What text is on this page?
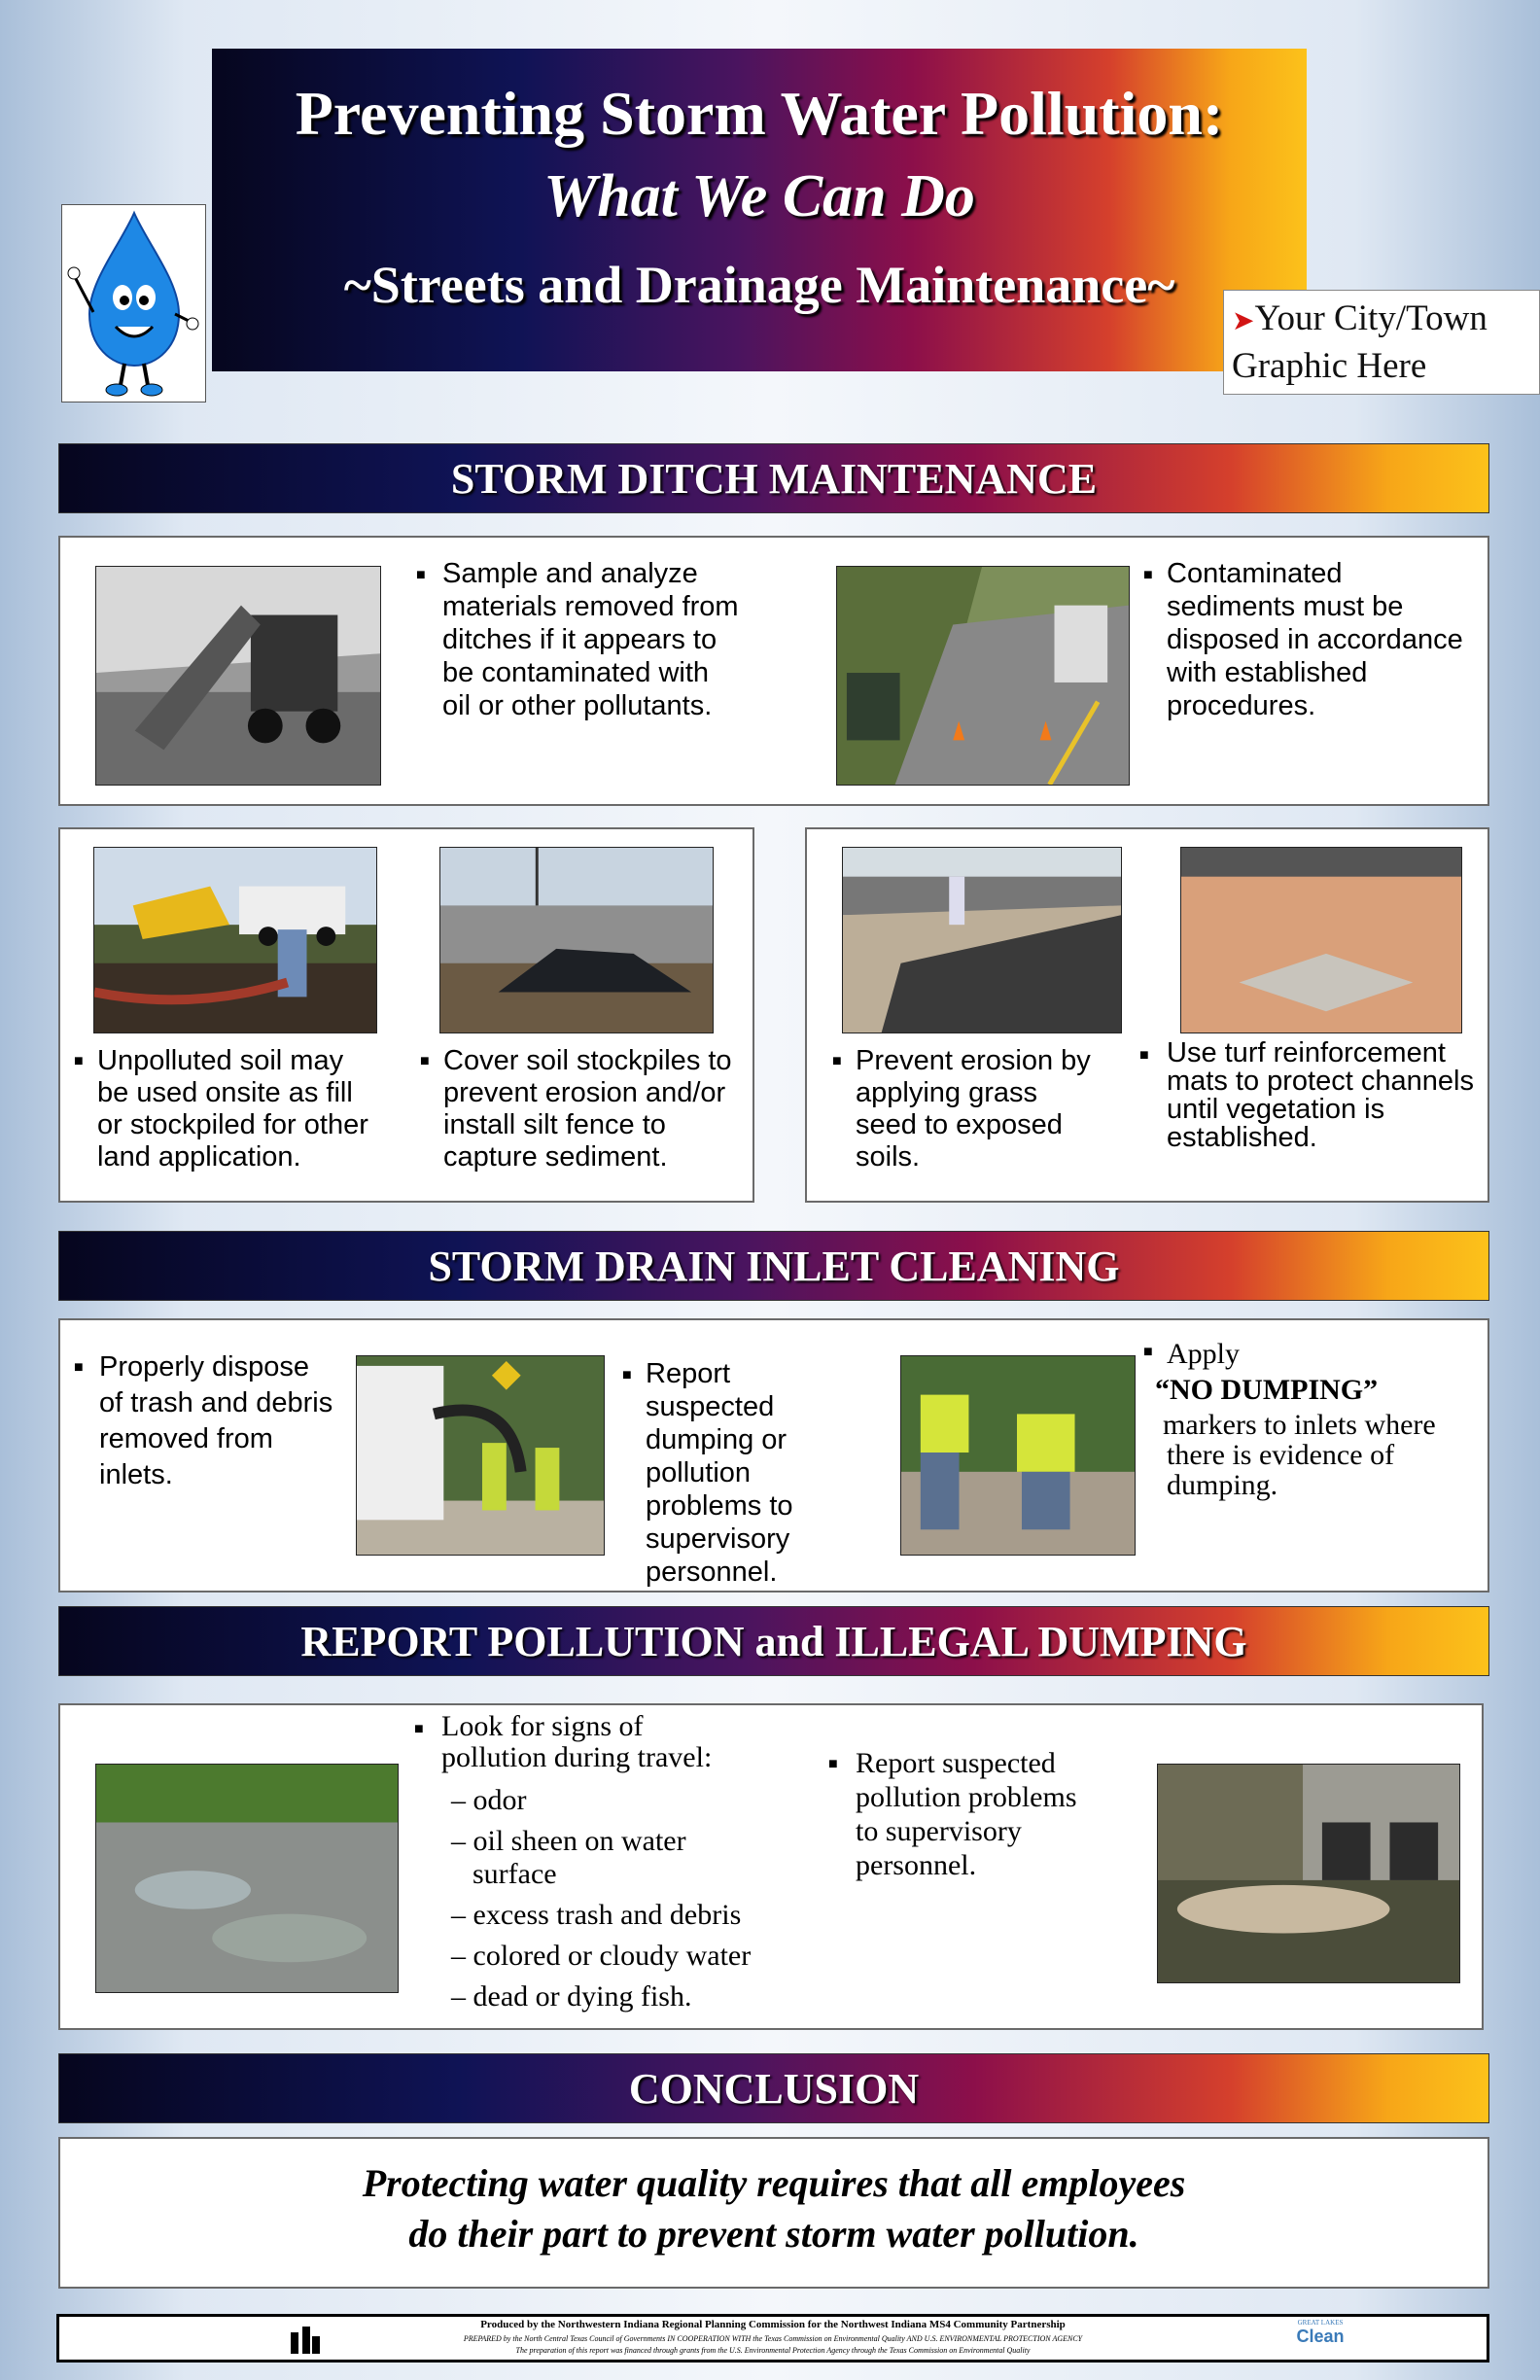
Preventing Storm Water Pollution:
What We Can Do
~Streets and Drainage Maintenance~
➤Your City/Town
Graphic Here
STORM DITCH MAINTENANCE
■ Sample and analyze
materials removed from
ditches if it appears to
be contaminated with
oil or other pollutants.
■ Contaminated
sediments must be
disposed in accordance
with established
procedures.
■ Unpolluted soil may
be used onsite as fill
or stockpiled for other
land application.
■ Cover soil stockpiles to
prevent erosion and/or
install silt fence to
capture sediment.
■ Prevent erosion by
applying grass
seed to exposed
soils.
■ Use turf reinforcement
mats to protect channels
until vegetation is
established.
STORM DRAIN INLET CLEANING
■ Properly dispose
of trash and debris
removed from
inlets.
■ Report
suspected
dumping or
pollution
problems to
supervisory
personnel.
■ Apply
“NO DUMPING”
markers to inlets where
there is evidence of
dumping.
REPORT POLLUTION and ILLEGAL DUMPING
■ Look for signs of
pollution during travel:
– odor
– oil sheen on water
surface
– excess trash and debris
– colored or cloudy water
– dead or dying fish.
■ Report suspected
pollution problems
to supervisory
personnel.
CONCLUSION
Protecting water quality requires that all employees
do their part to prevent storm water pollution.
Produced by the Northwestern Indiana Regional Planning Commission for the Northwest Indiana MS4 Community Partnership
PREPARED by the North Central Texas Council of Governments IN COOPERATION WITH the Texas Commission on Environmental Quality AND U.S. ENVIRONMENTAL PROTECTION AGENCY
The preparation of this report was financed through grants from the U.S. Environmental Protection Agency through the Texas Commission on Environmental Quality
GREAT LAKES
Clean
